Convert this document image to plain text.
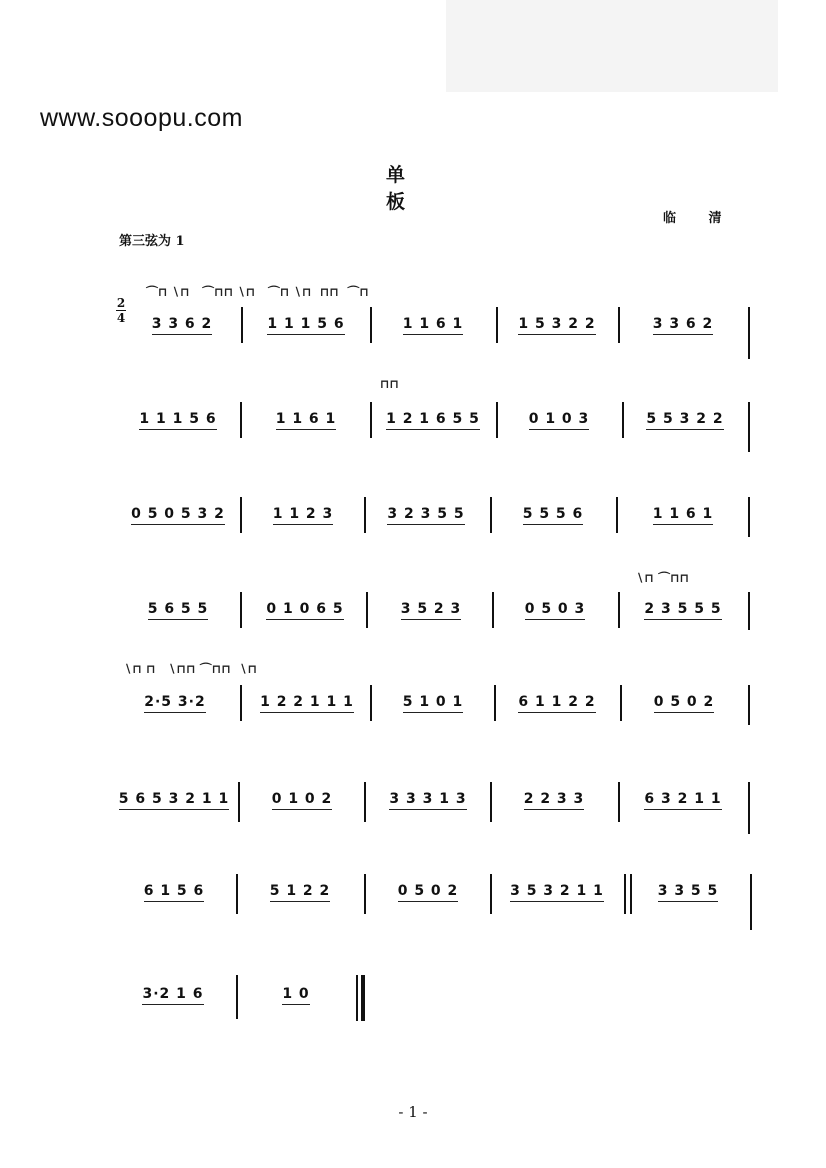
www.sooopu.com
单 板
临 清
第三弦为 1
2
4
⌒⊓ ∖⊓   ⌒⊓⊓ ∖⊓   ⌒⊓ ∖⊓  ⊓⊓  ⌒⊓
⊓⊓
∖⊓ ⌒⊓⊓
∖⊓ ⊓   ∖⊓⊓ ⌒⊓⊓  ∖⊓
3 3 6 2	1 1 1 5 6	1 1 6 1	1 5 3 2 2	3 3 6 2
1 1 1 5 6	1 1 6 1	1 2 1 6 5 5	0 1 0 3	5 5 3 2 2
0 5 0 5 3 2	1 1 2 3	3 2 3 5 5	5 5 5 6	1 1 6 1
5 6 5 5	0 1 0 6 5	3 5 2 3	0 5 0 3	2 3 5 5 5
2·5 3·2	1 2 2 1 1 1	5 1 0 1	6 1 1 2 2	0 5 0 2
5 6 5 3 2 1 1	0 1 0 2	3 3 3 1 3	2 2 3 3	6 3 2 1 1
6 1 5 6	5 1 2 2	0 5 0 2	3 5 3 2 1 1	3 3 5 5
3·2 1 6	1 0
- 1 -
